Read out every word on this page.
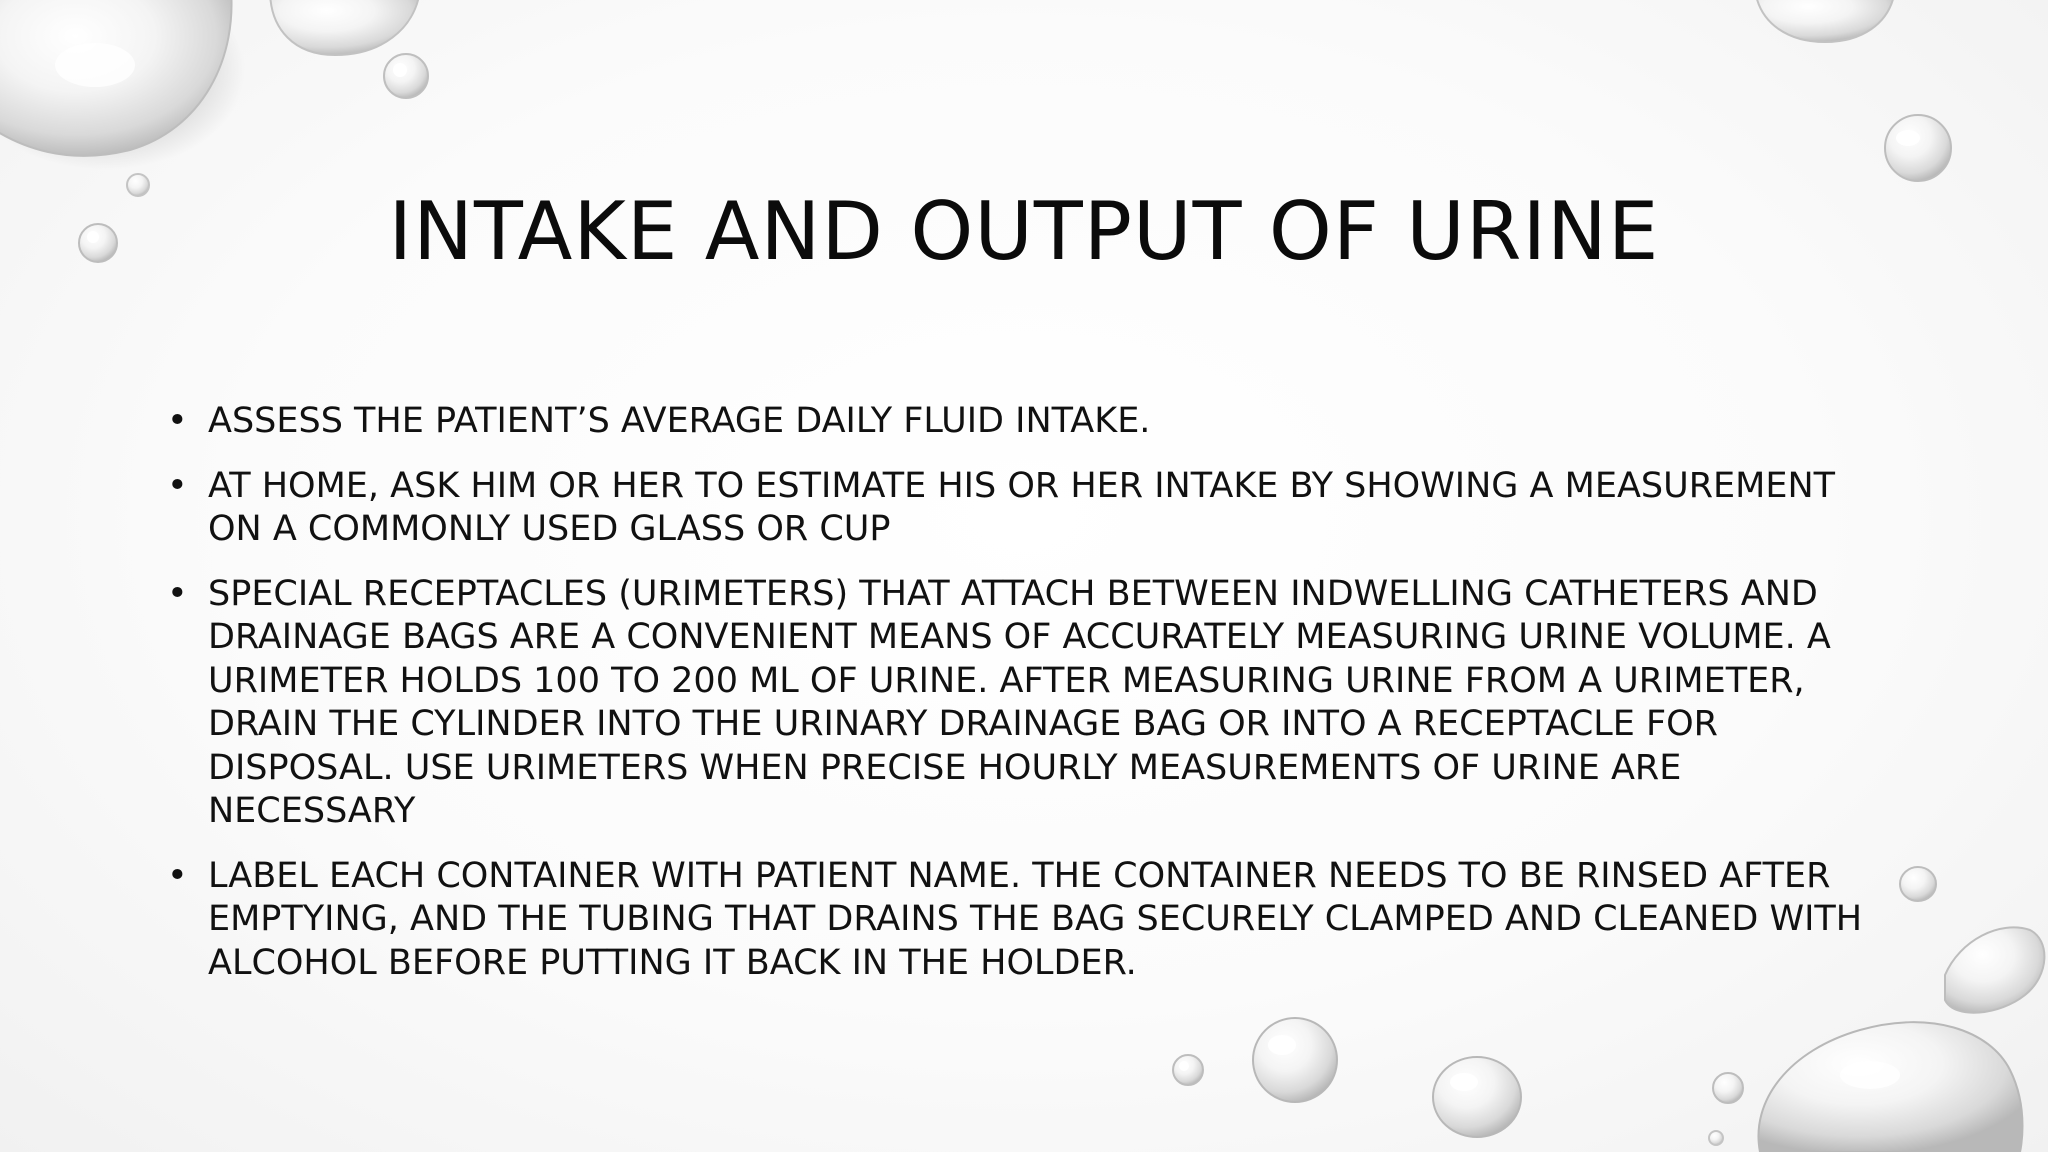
INTAKE AND OUTPUT OF URINE
• ASSESS THE PATIENT’S AVERAGE DAILY FLUID INTAKE.
• AT HOME, ASK HIM OR HER TO ESTIMATE HIS OR HER INTAKE BY SHOWING A MEASUREMENT ON A COMMONLY USED GLASS OR CUP
• SPECIAL RECEPTACLES (URIMETERS) THAT ATTACH BETWEEN INDWELLING CATHETERS AND DRAINAGE BAGS ARE A CONVENIENT MEANS OF ACCURATELY MEASURING URINE VOLUME. A URIMETER HOLDS 100 TO 200 ML OF URINE. AFTER MEASURING URINE FROM A URIMETER, DRAIN THE CYLINDER INTO THE URINARY DRAINAGE BAG OR INTO A RECEPTACLE FOR DISPOSAL. USE URIMETERS WHEN PRECISE HOURLY MEASUREMENTS OF URINE ARE NECESSARY
• LABEL EACH CONTAINER WITH PATIENT NAME. THE CONTAINER NEEDS TO BE RINSED AFTER EMPTYING, AND THE TUBING THAT DRAINS THE BAG SECURELY CLAMPED AND CLEANED WITH ALCOHOL BEFORE PUTTING IT BACK IN THE HOLDER.
